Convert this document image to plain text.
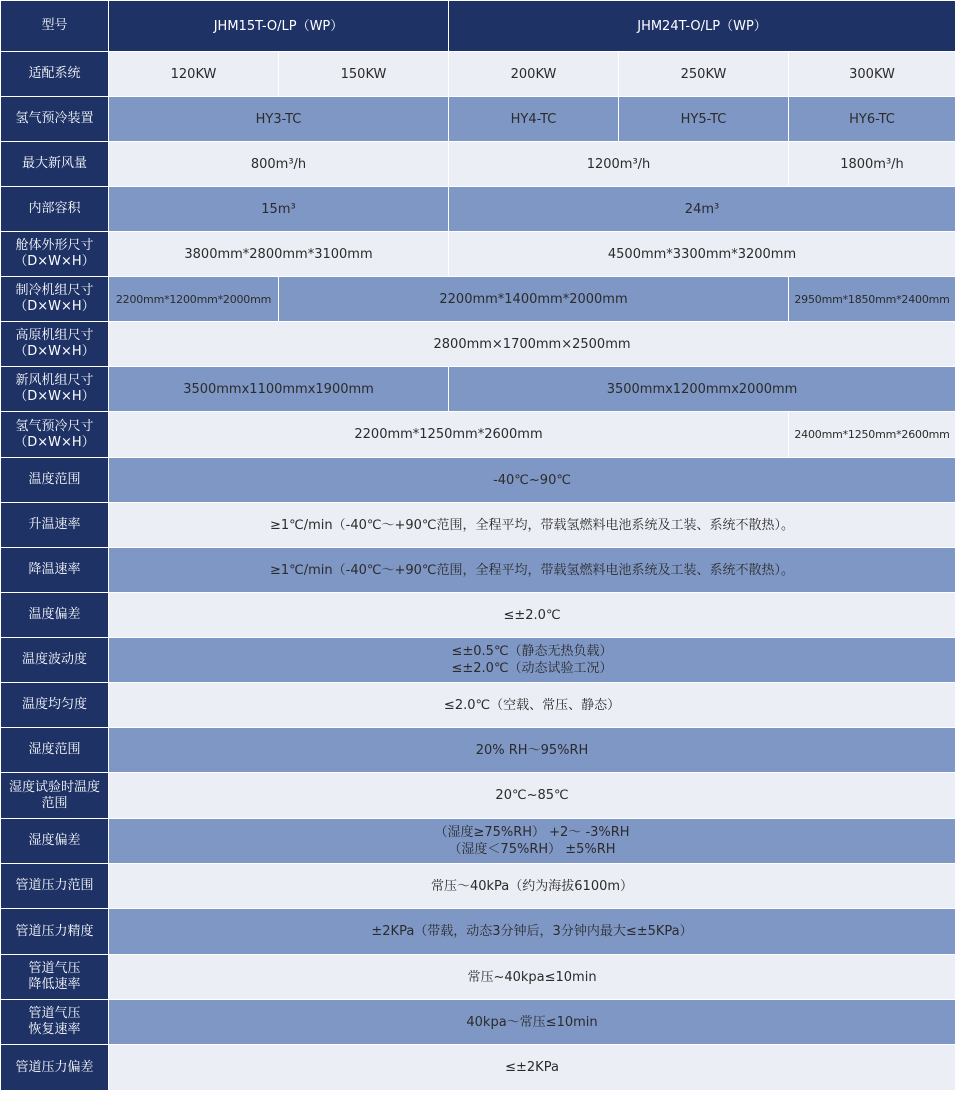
型号	JHM15T-O/LP（WP）		JHM24T-O/LP（WP）		
适配系统	120KW	150KW	200KW	250KW	300KW
氢气预冷装置	HY3-TC		HY4-TC	HY5-TC	HY6-TC
最大新风量	800m³/h		1200m³/h		1800m³/h
内部容积	15m³		24m³		

舱体外形尺寸
（D×W×H）	3800mm*2800mm*3100mm		4500mm*3300mm*3200mm		

制冷机组尺寸
（D×W×H）	2200mm*1200mm*2000mm	2200mm*1400mm*2000mm			2950mm*1850mm*2400mm

高原机组尺寸
（D×W×H）	2800mm×1700mm×2500mm				

新风机组尺寸
（D×W×H）	3500mmx1100mmx1900mm		3500mmx1200mmx2000mm		

氢气预冷尺寸
（D×W×H）	2200mm*1250mm*2600mm				2400mm*1250mm*2600mm
温度范围	-40℃~90℃				
升温速率	≥1℃/min（-40℃～+90℃范围，全程平均，带载氢燃料电池系统及工装、系统不散热）。				
降温速率	≥1℃/min（-40℃～+90℃范围，全程平均，带载氢燃料电池系统及工装、系统不散热）。				
温度偏差	≤±2.0℃				
温度波动度	≤±0.5℃（静态无热负载）
≤±2.0℃（动态试验工况）				

温度均匀度	≤2.0℃（空载、常压、静态）				
湿度范围	20% RH～95%RH				

湿度试验时温度
范围	20℃~85℃				
湿度偏差	（湿度≥75%RH） +2～ -3%RH
（湿度＜75%RH） ±5%RH				

管道压力范围	常压～40kPa（约为海拔6100m）				
管道压力精度	±2KPa（带载，动态3分钟后，3分钟内最大≤±5KPa）				

管道气压
降低速率	常压~40kpa≤10min				

管道气压
恢复速率	40kpa～常压≤10min				
管道压力偏差	≤±2KPa				
